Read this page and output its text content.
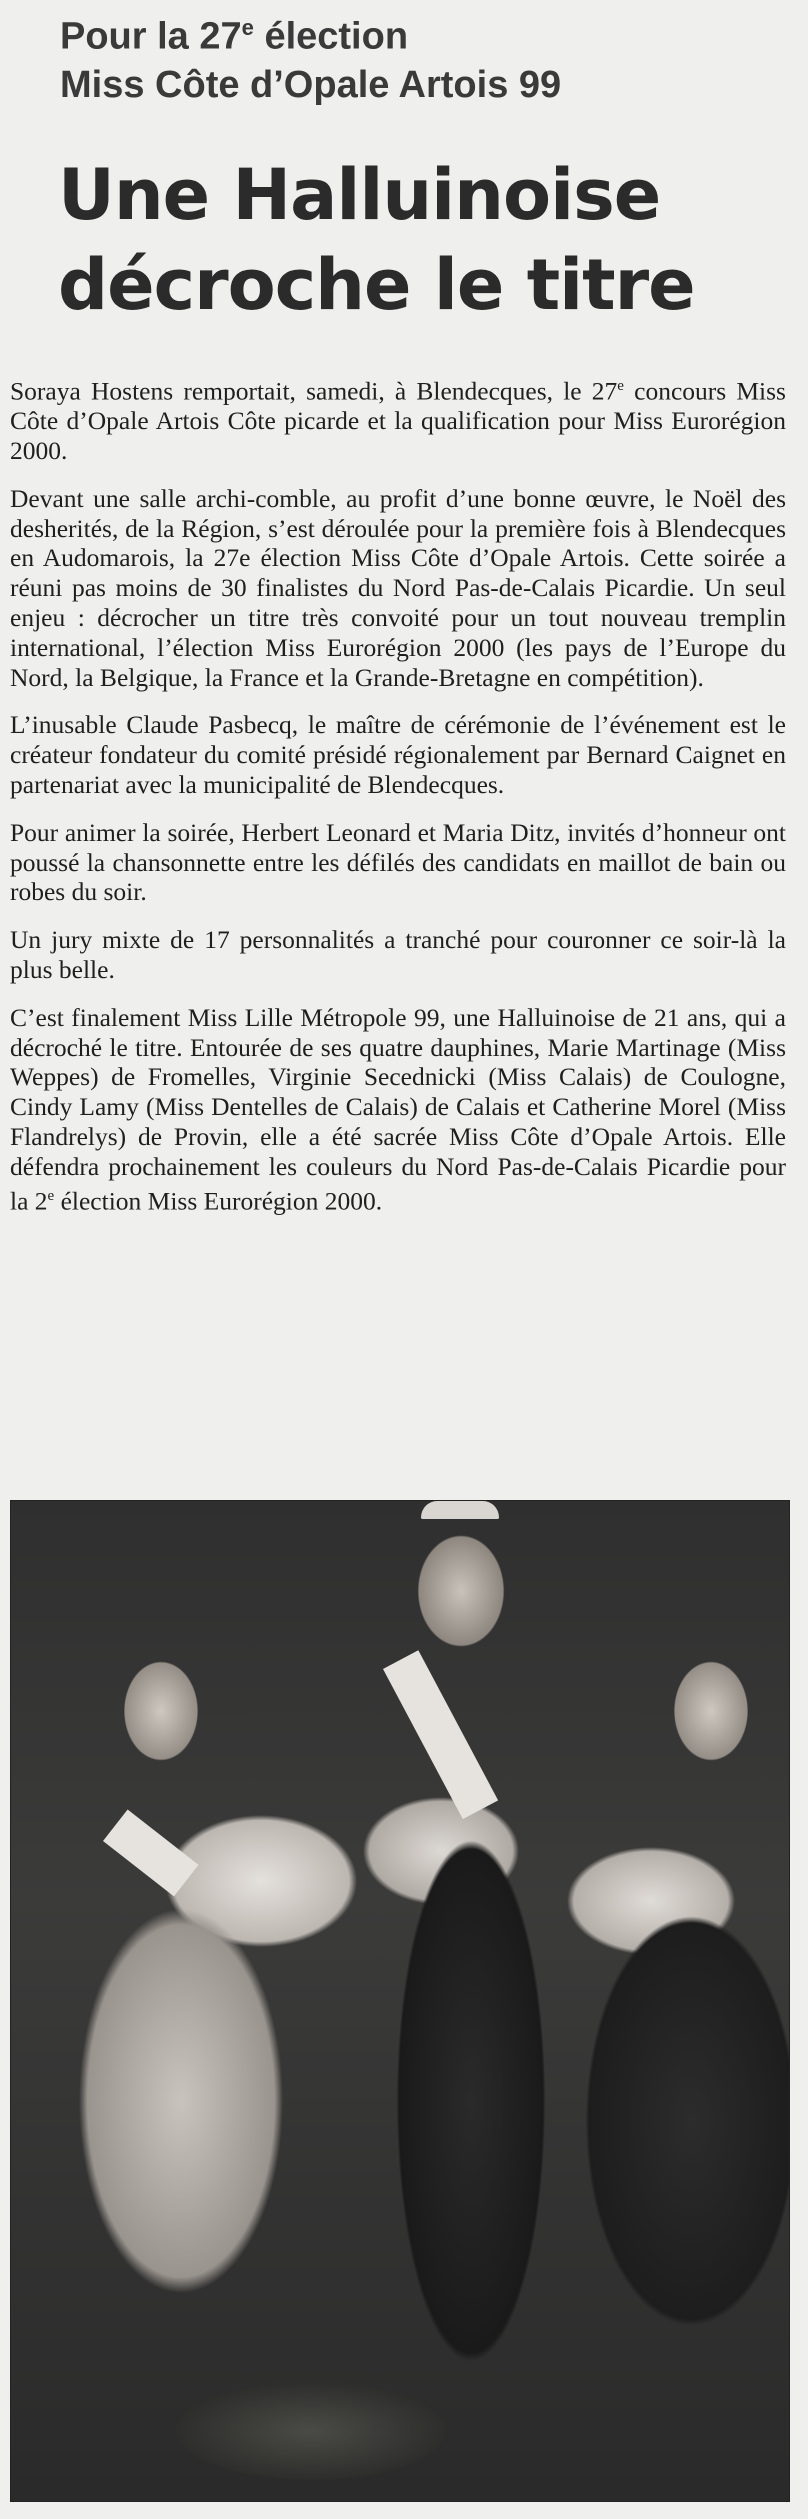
Pour la 27e élection
Miss Côte d’Opale Artois 99
Une Halluinoise
décroche le titre

Soraya Hostens remportait, samedi, à Blendecques, le 27e concours Miss Côte d’Opale Artois Côte picarde et la qualification pour Miss Eurorégion 2000.

Devant une salle archi-comble, au profit d’une bonne œuvre, le Noël des desherités, de la Région, s’est déroulée pour la première fois à Blendecques en Audomarois, la 27e élection Miss Côte d’Opale Artois. Cette soirée a réuni pas moins de 30 finalistes du Nord Pas-de-Calais Picardie. Un seul enjeu : décrocher un titre très convoité pour un tout nouveau tremplin international, l’élection Miss Eurorégion 2000 (les pays de l’Europe du Nord, la Belgique, la France et la Grande-Bretagne en compétition).

L’inusable Claude Pasbecq, le maître de cérémonie de l’événement est le créateur fondateur du comité présidé régionalement par Bernard Caignet en partenariat avec la municipalité de Blendecques.

Pour animer la soirée, Herbert Leonard et Maria Ditz, invités d’honneur ont poussé la chansonnette entre les défilés des candidats en maillot de bain ou robes du soir.

Un jury mixte de 17 personnalités a tranché pour couronner ce soir-là la plus belle.

C’est finalement Miss Lille Métropole 99, une Halluinoise de 21 ans, qui a décroché le titre. Entourée de ses quatre dauphines, Marie Martinage (Miss Weppes) de Fromelles, Virginie Secednicki (Miss Calais) de Coulogne, Cindy Lamy (Miss Dentelles de Calais) de Calais et Catherine Morel (Miss Flandrelys) de Provin, elle a été sacrée Miss Côte d’Opale Artois. Elle défendra prochainement les couleurs du Nord Pas-de-Calais Picardie pour la 2e élection Miss Eurorégion 2000.
